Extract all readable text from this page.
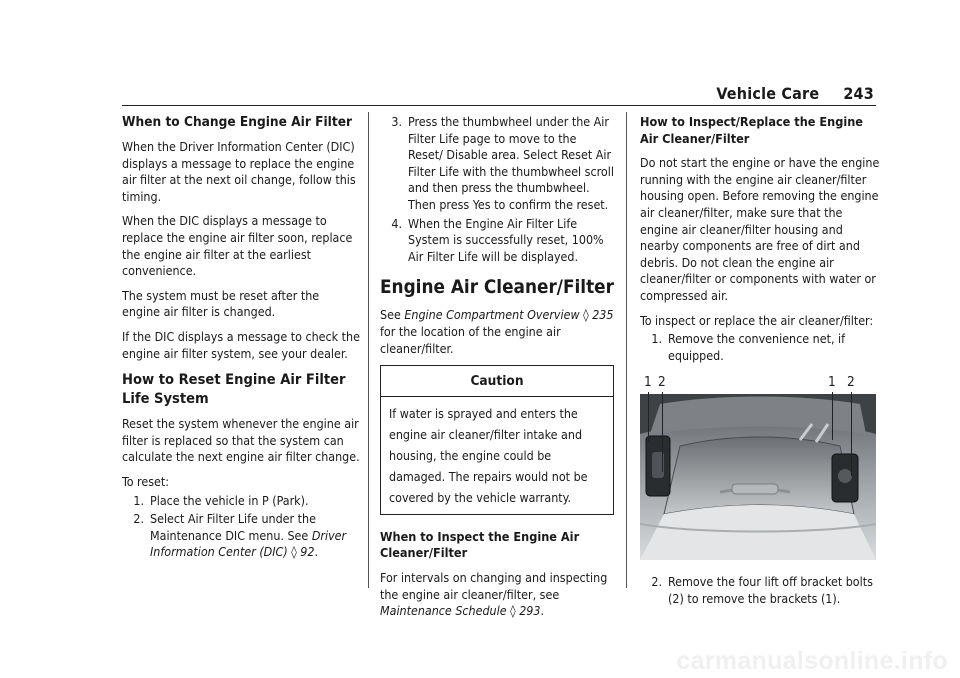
Vehicle Care 243
When to Change Engine Air Filter

When the Driver Information Center (DIC) displays a message to replace the engine air filter at the next oil change, follow this timing.

When the DIC displays a message to replace the engine air filter soon, replace the engine air filter at the earliest convenience.

The system must be reset after the engine air filter is changed.

If the DIC displays a message to check the engine air filter system, see your dealer.

How to Reset Engine Air Filter Life System

Reset the system whenever the engine air filter is replaced so that the system can calculate the next engine air filter change.

To reset:

1. Place the vehicle in P (Park).
2. Select Air Filter Life under the Maintenance DIC menu. See Driver Information Center (DIC) ◊ 92.
3. Press the thumbwheel under the Air Filter Life page to move to the Reset/ Disable area. Select Reset Air Filter Life with the thumbwheel scroll and then press the thumbwheel. Then press Yes to confirm the reset.
4. When the Engine Air Filter Life System is successfully reset, 100% Air Filter Life will be displayed.
Engine Air Cleaner/Filter

See Engine Compartment Overview ◊ 235 for the location of the engine air cleaner/filter.

Caution
If water is sprayed and enters the engine air cleaner/filter intake and housing, the engine could be damaged. The repairs would not be covered by the vehicle warranty.
When to Inspect the Engine Air Cleaner/Filter

For intervals on changing and inspecting the engine air cleaner/filter, see Maintenance Schedule ◊ 293.

How to Inspect/Replace the Engine Air Cleaner/Filter

Do not start the engine or have the engine running with the engine air cleaner/filter housing open. Before removing the engine air cleaner/filter, make sure that the engine air cleaner/filter housing and nearby components are free of dirt and debris. Do not clean the engine air cleaner/filter or components with water or compressed air.

To inspect or replace the air cleaner/filter:

1. Remove the convenience net, if equipped.
1 2	1 2
2. Remove the four lift off bracket bolts (2) to remove the brackets (1).
carmanualsonline.info
